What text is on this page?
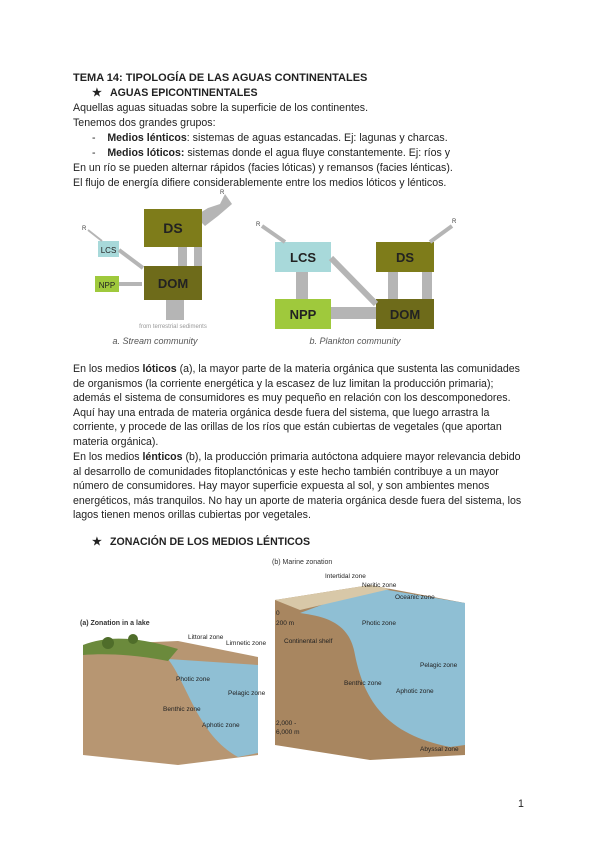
TEMA 14: TIPOLOGÍA DE LAS AGUAS CONTINENTALES
★ AGUAS EPICONTINENTALES
Aquellas aguas situadas sobre la superficie de los continentes.
Tenemos dos grandes grupos:
- Medios lénticos: sistemas de aguas estancadas. Ej: lagunas y charcas.
- Medios lóticos: sistemas donde el agua fluye constantemente. Ej: ríos y
En un río se pueden alternar rápidos (facies lóticas) y remansos (facies lénticas).
El flujo de energía difiere considerablemente entre los medios lóticos y lénticos.
DS
DOM
LCS
NPP
R
R
from terrestrial sediments
a. Stream community
LCS
NPP
DS
DOM
R	R
b. Plankton community
En los medios lóticos (a), la mayor parte de la materia orgánica que sustenta las comunidades de organismos (la corriente energética y la escasez de luz limitan la producción primaria); además el sistema de consumidores es muy pequeño en relación con los descomponedores. Aquí hay una entrada de materia orgánica desde fuera del sistema, que luego arrastra la corriente, y procede de las orillas de los ríos que están cubiertas de vegetales (que aportan materia orgánica).
En los medios lénticos (b), la producción primaria autóctona adquiere mayor relevancia debido al desarrollo de comunidades fitoplanctónicas y este hecho también contribuye a un mayor número de consumidores. Hay mayor superficie expuesta al sol, y son ambientes menos energéticos, más tranquilos. No hay un aporte de materia orgánica desde fuera del sistema, los lagos tienen menos orillas cubiertas por vegetales.
★ ZONACIÓN DE LOS MEDIOS LÉNTICOS
(a) Zonation in a lake
Littoral zone
Limnetic zone
Photic zone
Pelagic zone
Benthic zone
Aphotic zone
(b) Marine zonation
Intertidal zone
Neritic zone
Oceanic zone
0
200 m
Continental shelf
Photic zone
Pelagic zone
Benthic zone
Aphotic zone
2,000 -
6,000 m
Abyssal zone
1
